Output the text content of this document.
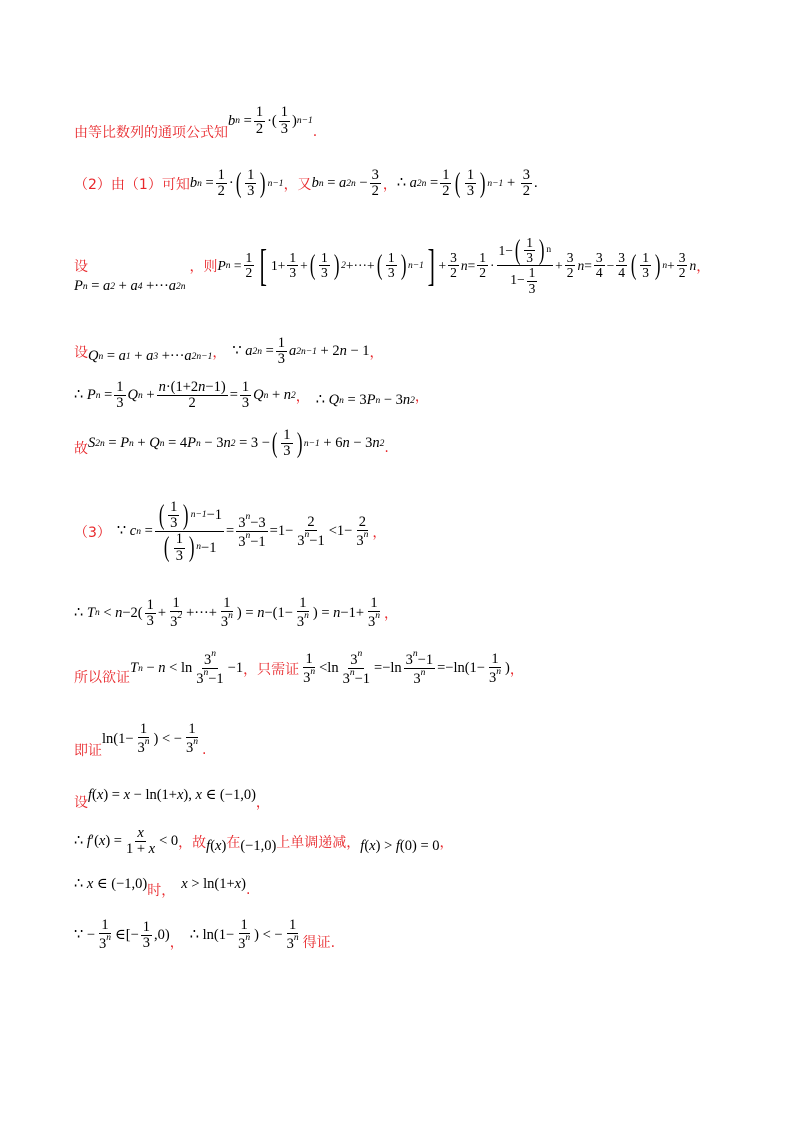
由等比数列的通项公式知
b n
= $\frac{1}{2}$ ·( $\frac{1}{3}$ ) n−1
.
（2）由（1）可知 b n
= $\frac{1}{2}$ · ( $\frac{1}{3}$ ) n−1 ，又 b n
= a 2n
− $\frac{3}{2}$ ， ∴ a 2n
= $\frac{1}{2}$ ( $\frac{1}{3}$ ) $n-1 + \frac{3}{2}$ .
设
P n
= a 2
+ a 4
+··· a 2n
，则 P n
= $\frac{1}{2}$ [ $1+ \frac{1}{3}$ + ( $\frac{1}{3}$ ) 2 +···+ ( $\frac{1}{3}$ ) n−1 ] + $\frac{3}{2}$ $n = \frac{1}{2} \cdot \frac{1- ( \frac{1}{3} ) n}{1- \frac{1}{3}} + \frac{3}{2}$ $n = \frac{3}{4} - \frac{3}{4}$ ( $\frac{1}{3}$ ) $n + \frac{3}{2}$ n ，
设 Q n
= a 1
+ a 3
+··· a 2n−1 ， ∵ a 2n
= $\frac{1}{3}$ a 2n−1 + 2 n − 1 ，
∴ P n
= $\frac{1}{3}$ Q n
+ $\frac{n\cdot(1+2n-1)}{2} = \frac{1}{3}$ Q n
+ n 2 ， ∴ Q n
= 3 P n
− 3 n 2 ，
故 S 2n
= P n
+ Q n
= 4 P n
− 3 n 2
= 3 − ( $\frac{1}{3}$ ) n−1 + 6 n − 3 n 2 .
（3） ∵ c n
= $\frac{( \frac{1}{3} ) n-1 -1}{( \frac{1}{3} ) n -1} = \frac{3^n-3}{3^n-1} =1- \frac{2}{3^n-1} <1- \frac{2}{3^n}$ ，
∴ T n
< $n -2( \frac{1}{3} + \frac{1}{3^2}$ +···+ $\frac{1}{3^n}$ ) = $n -(1- \frac{1}{3^n}$ ) = $n -1+ \frac{1}{3^n}$ ，
所以欲证
T n
− $n < \ln \frac{3^n}{3^n-1} -1$ ，只需证 $\frac{1}{3^n} <\ln \frac{3^n}{3^n-1} =-\ln \frac{3^n-1}{3^n} =-\ln(1- \frac{1}{3^n}$ ) ，
即证
$\ln(1- \frac{1}{3^n}$ ) < − $\frac{1}{3^n}$ .
设
f ( x ) = x − ln(1+ x ), x ∈ (−1,0)
，
∴ f ′( x ) = $\frac{x}{1 + x} < 0$ ，故 f ( x ) 在 (−1,0) 上单调递减， f ( x ) > f (0) = 0 ，
∴ x ∈ (−1,0) 时， x > ln(1+ x ) .
∵ − $\frac{1}{3^n}$ ∈[− $\frac{1}{3} ,0$)
，
∴ $\ln(1- \frac{1}{3^n}$ ) < − $\frac{1}{3^n}$ 得证.
